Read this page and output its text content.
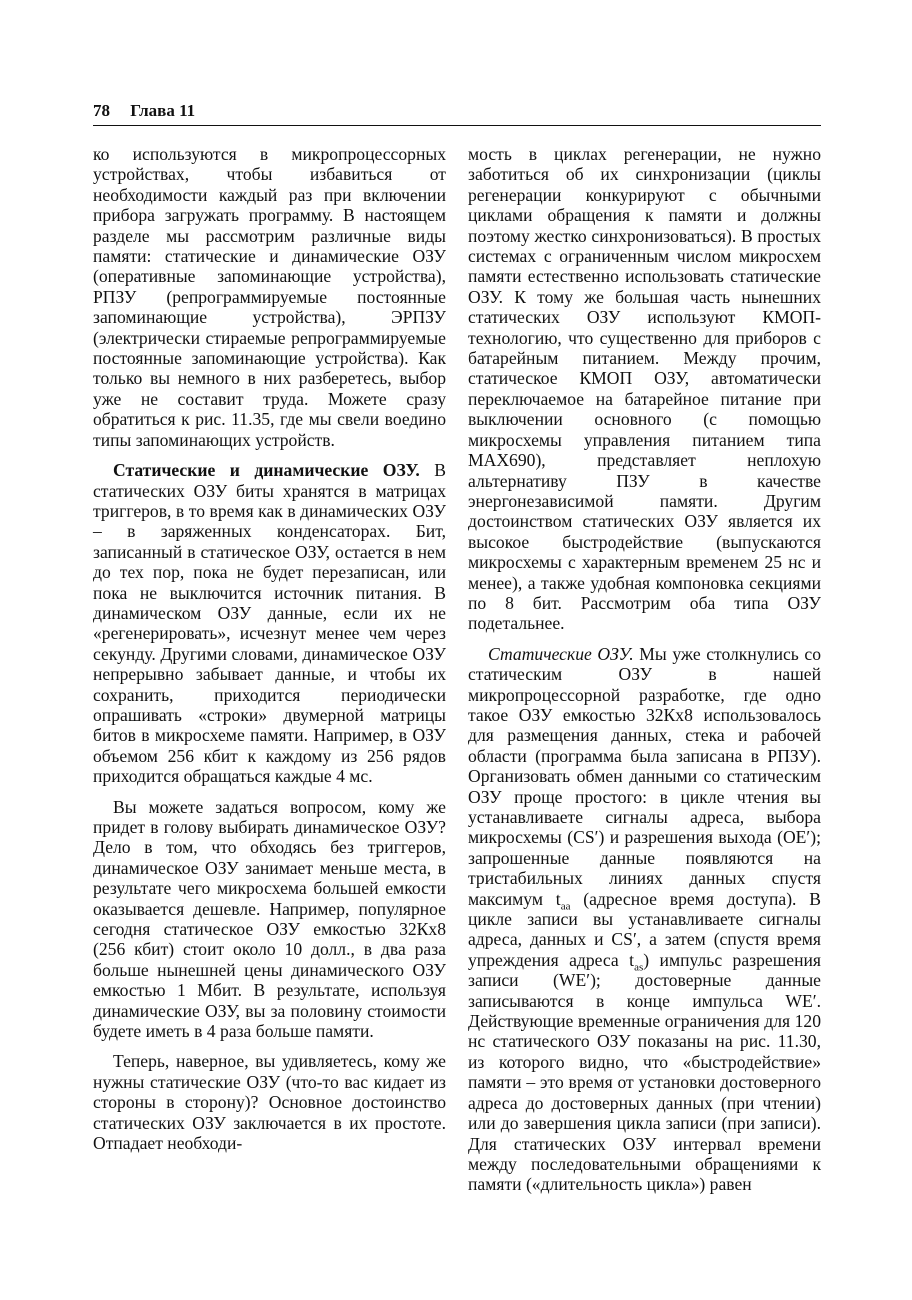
78 Глава 11

ко используются в микропроцессорных устройствах, чтобы избавиться от необходимости каждый раз при включении прибора загружать программу. В настоящем разделе мы рассмотрим различные виды памяти: статические и динамические ОЗУ (оперативные запоминающие устройства), РПЗУ (репрограммируемые постоянные запоминающие устройства), ЭРПЗУ (электрически стираемые репрограммируемые постоянные запоминающие устройства). Как только вы немного в них разберетесь, выбор уже не составит труда. Можете сразу обратиться к рис. 11.35, где мы свели воедино типы запоминающих устройств.

Статические и динамические ОЗУ. В статических ОЗУ биты хранятся в матрицах триггеров, в то время как в динамических ОЗУ – в заряженных конденсаторах. Бит, записанный в статическое ОЗУ, остается в нем до тех пор, пока не будет перезаписан, или пока не выключится источник питания. В динамическом ОЗУ данные, если их не «регенерировать», исчезнут менее чем через секунду. Другими словами, динамическое ОЗУ непрерывно забывает данные, и чтобы их сохранить, приходится периодически опрашивать «строки» двумерной матрицы битов в микросхеме памяти. Например, в ОЗУ объемом 256 кбит к каждому из 256 рядов приходится обращаться каждые 4 мс.

Вы можете задаться вопросом, кому же придет в голову выбирать динамическое ОЗУ? Дело в том, что обходясь без триггеров, динамическое ОЗУ занимает меньше места, в результате чего микросхема большей емкости оказывается дешевле. Например, популярное сегодня статическое ОЗУ емкостью 32Кх8 (256 кбит) стоит около 10 долл., в два раза больше нынешней цены динамического ОЗУ емкостью 1 Мбит. В результате, используя динамические ОЗУ, вы за половину стоимости будете иметь в 4 раза больше памяти.

Теперь, наверное, вы удивляетесь, кому же нужны статические ОЗУ (что-то вас кидает из стороны в сторону)? Основное достоинство статических ОЗУ заключается в их простоте. Отпадает необходи-

мость в циклах регенерации, не нужно заботиться об их синхронизации (циклы регенерации конкурируют с обычными циклами обращения к памяти и должны поэтому жестко синхронизоваться). В простых системах с ограниченным числом микросхем памяти естественно использовать статические ОЗУ. К тому же большая часть нынешних статических ОЗУ используют КМОП-технологию, что существенно для приборов с батарейным питанием. Между прочим, статическое КМОП ОЗУ, автоматически переключаемое на батарейное питание при выключении основного (с помощью микросхемы управления питанием типа МАХ690), представляет неплохую альтернативу ПЗУ в качестве энергонезависимой памяти. Другим достоинством статических ОЗУ является их высокое быстродействие (выпускаются микросхемы с характерным временем 25 нс и менее), а также удобная компоновка секциями по 8 бит. Рассмотрим оба типа ОЗУ подетальнее.

Статические ОЗУ. Мы уже столкнулись со статическим ОЗУ в нашей микропроцессорной разработке, где одно такое ОЗУ емкостью 32Кх8 использовалось для размещения данных, стека и рабочей области (программа была записана в РПЗУ). Организовать обмен данными со статическим ОЗУ проще простого: в цикле чтения вы устанавливаете сигналы адреса, выбора микросхемы (CS′) и разрешения выхода (OE′); запрошенные данные появляются на тристабильных линиях данных спустя максимум $t_{аа}$ (адресное время доступа). В цикле записи вы устанавливаете сигналы адреса, данных и CS′, а затем (спустя время упреждения адреса $t_{as}$) импульс разрешения записи (WE′); достоверные данные записываются в конце импульса WE′. Действующие временные ограничения для 120 нс статического ОЗУ показаны на рис. 11.30, из которого видно, что «быстродействие» памяти – это время от установки достоверного адреса до достоверных данных (при чтении) или до завершения цикла записи (при записи). Для статических ОЗУ интервал времени между последовательными обращениями к памяти («длительность цикла») равен
